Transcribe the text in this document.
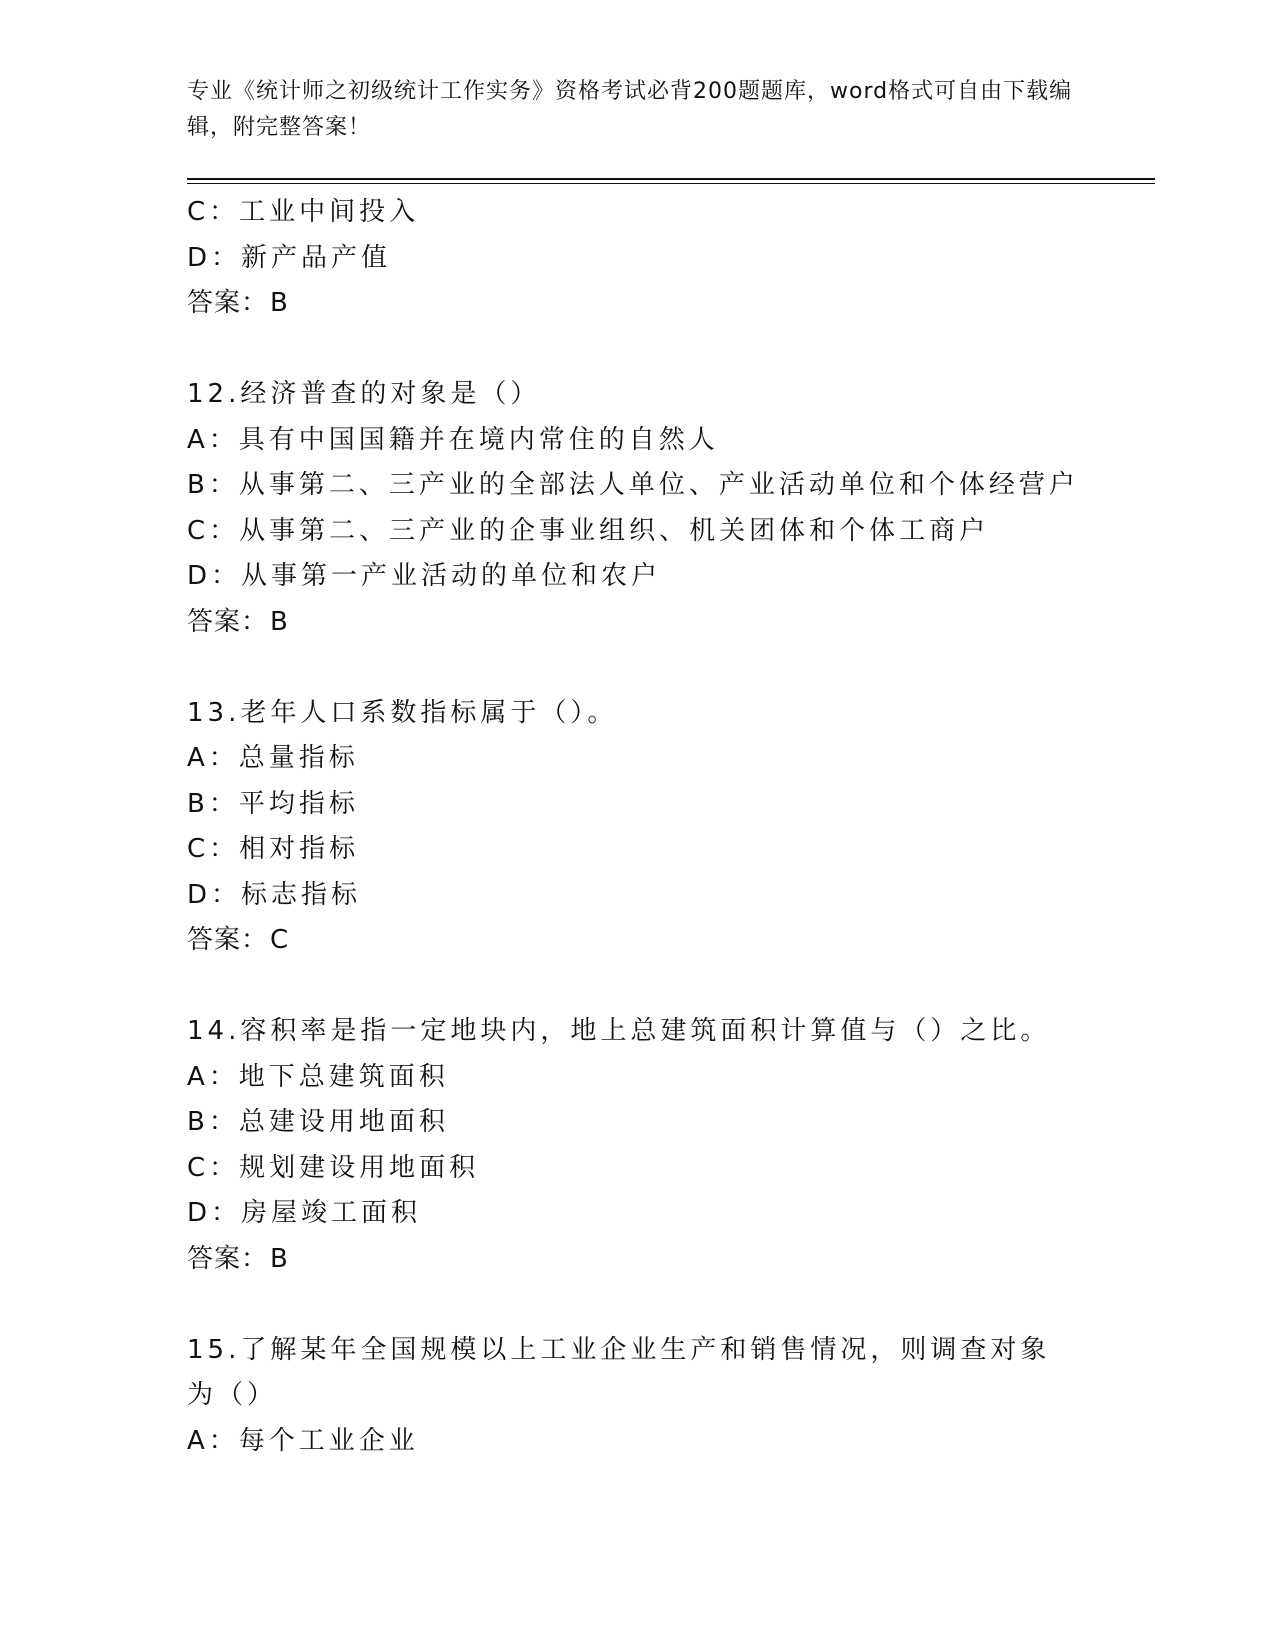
专业《统计师之初级统计工作实务》资格考试必背200题题库，word格式可自由下载编辑，附完整答案！
C：工业中间投入
D：新产品产值
答案：B
12.经济普查的对象是（）
A：具有中国国籍并在境内常住的自然人
B：从事第二、三产业的全部法人单位、产业活动单位和个体经营户
C：从事第二、三产业的企事业组织、机关团体和个体工商户
D：从事第一产业活动的单位和农户
答案：B
13.老年人口系数指标属于（）。
A：总量指标
B：平均指标
C：相对指标
D：标志指标
答案：C
14.容积率是指一定地块内，地上总建筑面积计算值与（）之比。
A：地下总建筑面积
B：总建设用地面积
C：规划建设用地面积
D：房屋竣工面积
答案：B
15.了解某年全国规模以上工业企业生产和销售情况，则调查对象为（）
A：每个工业企业
